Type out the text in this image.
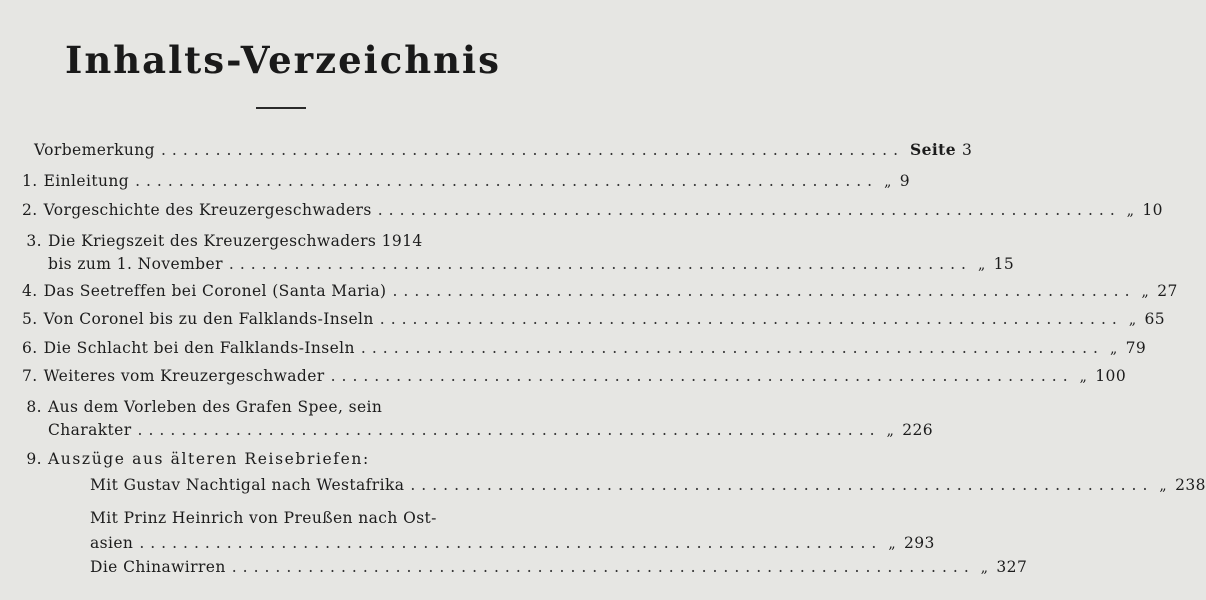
Inhalts-Verzeichnis
Vorbemerkung .................................................................... Seite 3
1. Einleitung .................................................................... „ 9
2. Vorgeschichte des Kreuzergeschwaders .................................................................... „ 10
3. Die Kriegszeit des Kreuzergeschwaders 1914
bis zum 1. November .................................................................... „ 15
4. Das Seetreffen bei Coronel (Santa Maria) .................................................................... „ 27
5. Von Coronel bis zu den Falklands-Inseln .................................................................... „ 65
6. Die Schlacht bei den Falklands-Inseln .................................................................... „ 79
7. Weiteres vom Kreuzergeschwader .................................................................... „ 100
8. Aus dem Vorleben des Grafen Spee, sein
Charakter .................................................................... „ 226
9. Auszüge aus älteren Reisebriefen:
Mit Gustav Nachtigal nach Westafrika .................................................................... „ 238
Mit Prinz Heinrich von Preußen nach Ost-
asien .................................................................... „ 293
Die Chinawirren .................................................................... „ 327
